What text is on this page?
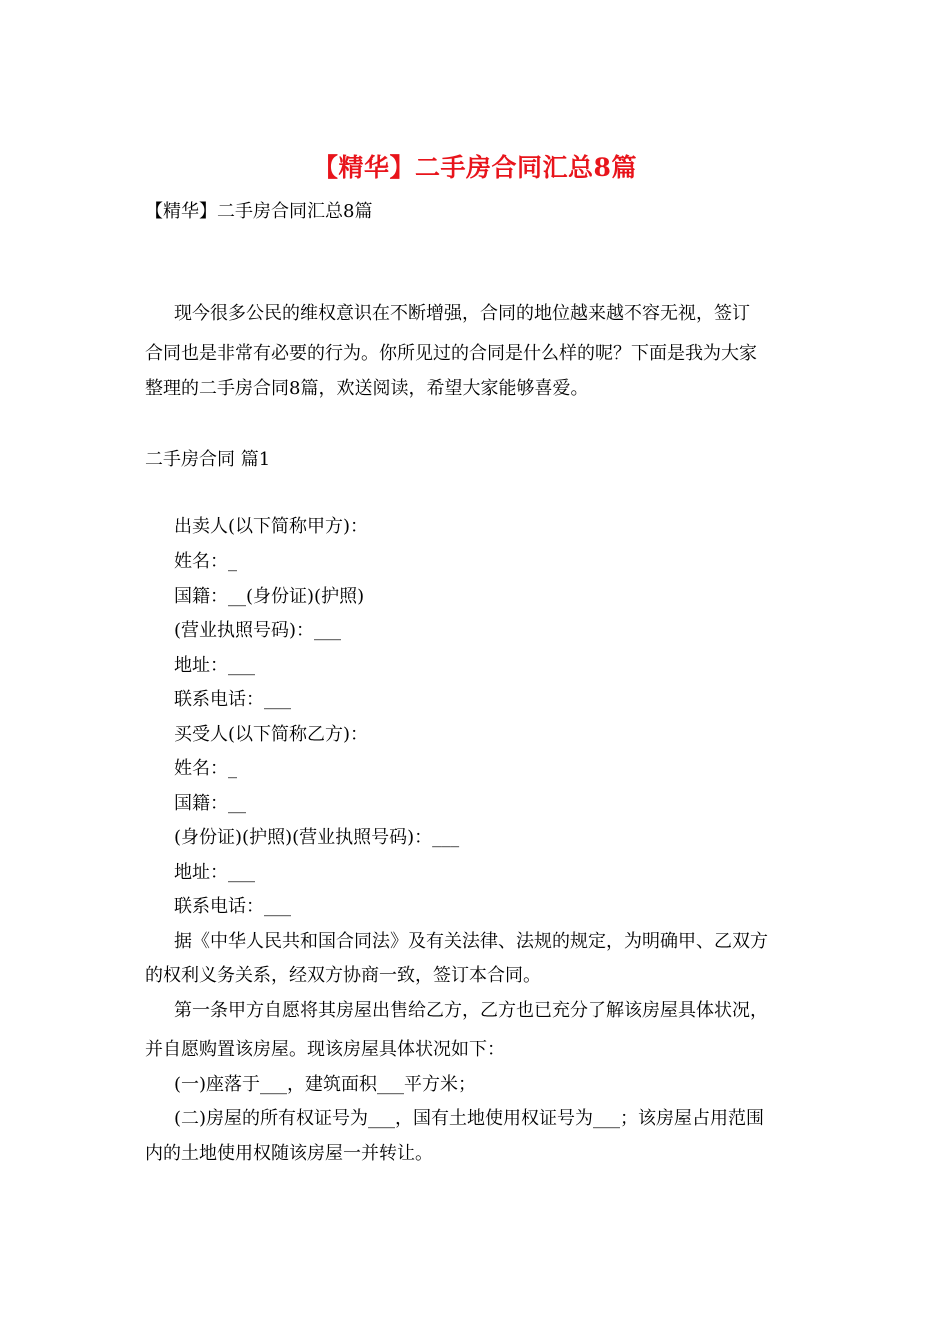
【精华】二手房合同汇总8篇
【精华】二手房合同汇总8篇
现今很多公民的维权意识在不断增强，合同的地位越来越不容无视，签订
合同也是非常有必要的行为。你所见过的合同是什么样的呢？下面是我为大家
整理的二手房合同8篇，欢送阅读，希望大家能够喜爱。
二手房合同 篇1
出卖人(以下简称甲方)：
姓名：_
国籍：__(身份证)(护照)
(营业执照号码)：___
地址：___
联系电话：___
买受人(以下简称乙方)：
姓名：_
国籍：__
(身份证)(护照)(营业执照号码)：___
地址：___
联系电话：___
据《中华人民共和国合同法》及有关法律、法规的规定，为明确甲、乙双方
的权利义务关系，经双方协商一致，签订本合同。
第一条甲方自愿将其房屋出售给乙方，乙方也已充分了解该房屋具体状况，
并自愿购置该房屋。现该房屋具体状况如下：
(一)座落于___，建筑面积___平方米；
(二)房屋的所有权证号为___，国有土地使用权证号为___；该房屋占用范围
内的土地使用权随该房屋一并转让。
